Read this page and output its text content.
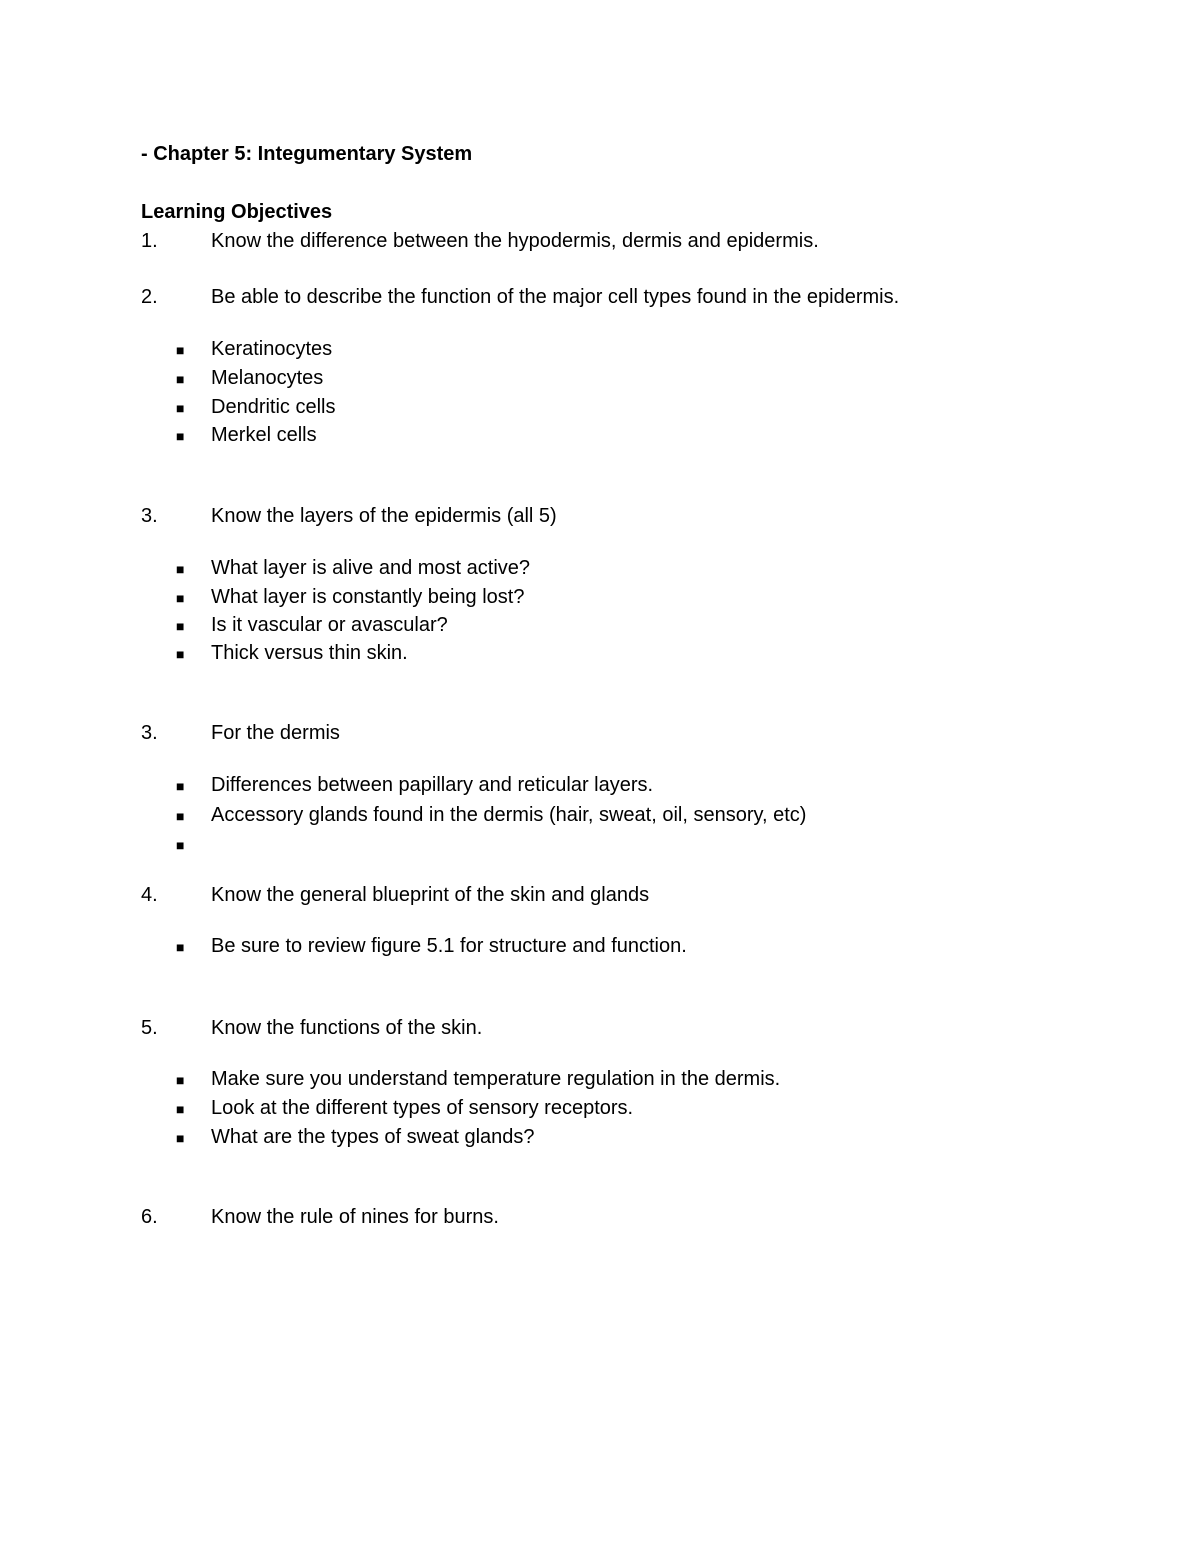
- Chapter 5: Integumentary System
Learning Objectives
1.	Know the difference between the hypodermis, dermis and epidermis.
2.	Be able to describe the function of the major cell types found in the epidermis.
■ Keratinocytes
■ Melanocytes
■ Dendritic cells
■ Merkel cells
3.	Know the layers of the epidermis (all 5)
■ What layer is alive and most active?
■ What layer is constantly being lost?
■ Is it vascular or avascular?
■ Thick versus thin skin.
3.	For the dermis
■ Differences between papillary and reticular layers.
■ Accessory glands found in the dermis (hair, sweat, oil, sensory, etc)
■
4.	Know the general blueprint of the skin and glands
■ Be sure to review figure 5.1 for structure and function.
5.	Know the functions of the skin.
■ Make sure you understand temperature regulation in the dermis.
■ Look at the different types of sensory receptors.
■ What are the types of sweat glands?
6.	Know the rule of nines for burns.
